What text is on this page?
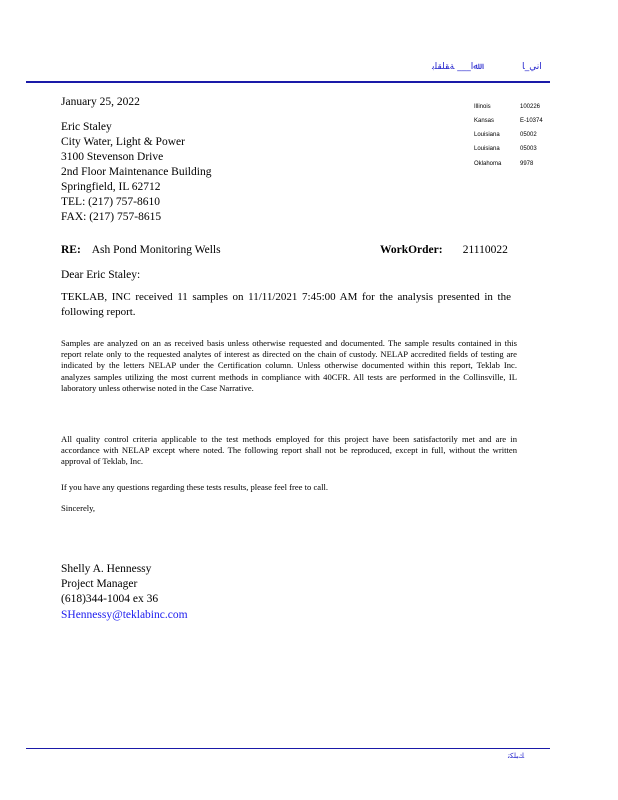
ﷲﺍ___ ﺔﻘﻠﻘﻠﺑ	ﺍﻧﻲ_ﺎ
January 25, 2022
Eric Staley
City Water, Light & Power
3100 Stevenson Drive
2nd Floor Maintenance Building
Springfield, IL 62712
TEL: (217) 757-8610
FAX: (217) 757-8615
Illinois	100226
Kansas	E-10374
Louisiana	05002
Louisiana	05003
Oklahoma	9978
RE: Ash Pond Monitoring Wells	WorkOrder: 21110022
Dear Eric Staley:

TEKLAB, INC received 11 samples on 11/11/2021 7:45:00 AM for the analysis presented in the following report.

Samples are analyzed on an as received basis unless otherwise requested and documented. The sample results contained in this report relate only to the requested analytes of interest as directed on the chain of custody. NELAP accredited fields of testing are indicated by the letters NELAP under the Certification column. Unless otherwise documented within this report, Teklab Inc. analyzes samples utilizing the most current methods in compliance with 40CFR. All tests are performed in the Collinsville, IL laboratory unless otherwise noted in the Case Narrative.

All quality control criteria applicable to the test methods employed for this project have been satisfactorily met and are in accordance with NELAP except where noted. The following report shall not be reproduced, except in full, without the written approval of Teklab, Inc.

If you have any questions regarding these tests results, please feel free to call.

Sincerely,

Shelly A. Hennessy
Project Manager
(618)344-1004 ex 36
SHennessy@teklabinc.com
ﻚﺒﻠﻜﺗ
